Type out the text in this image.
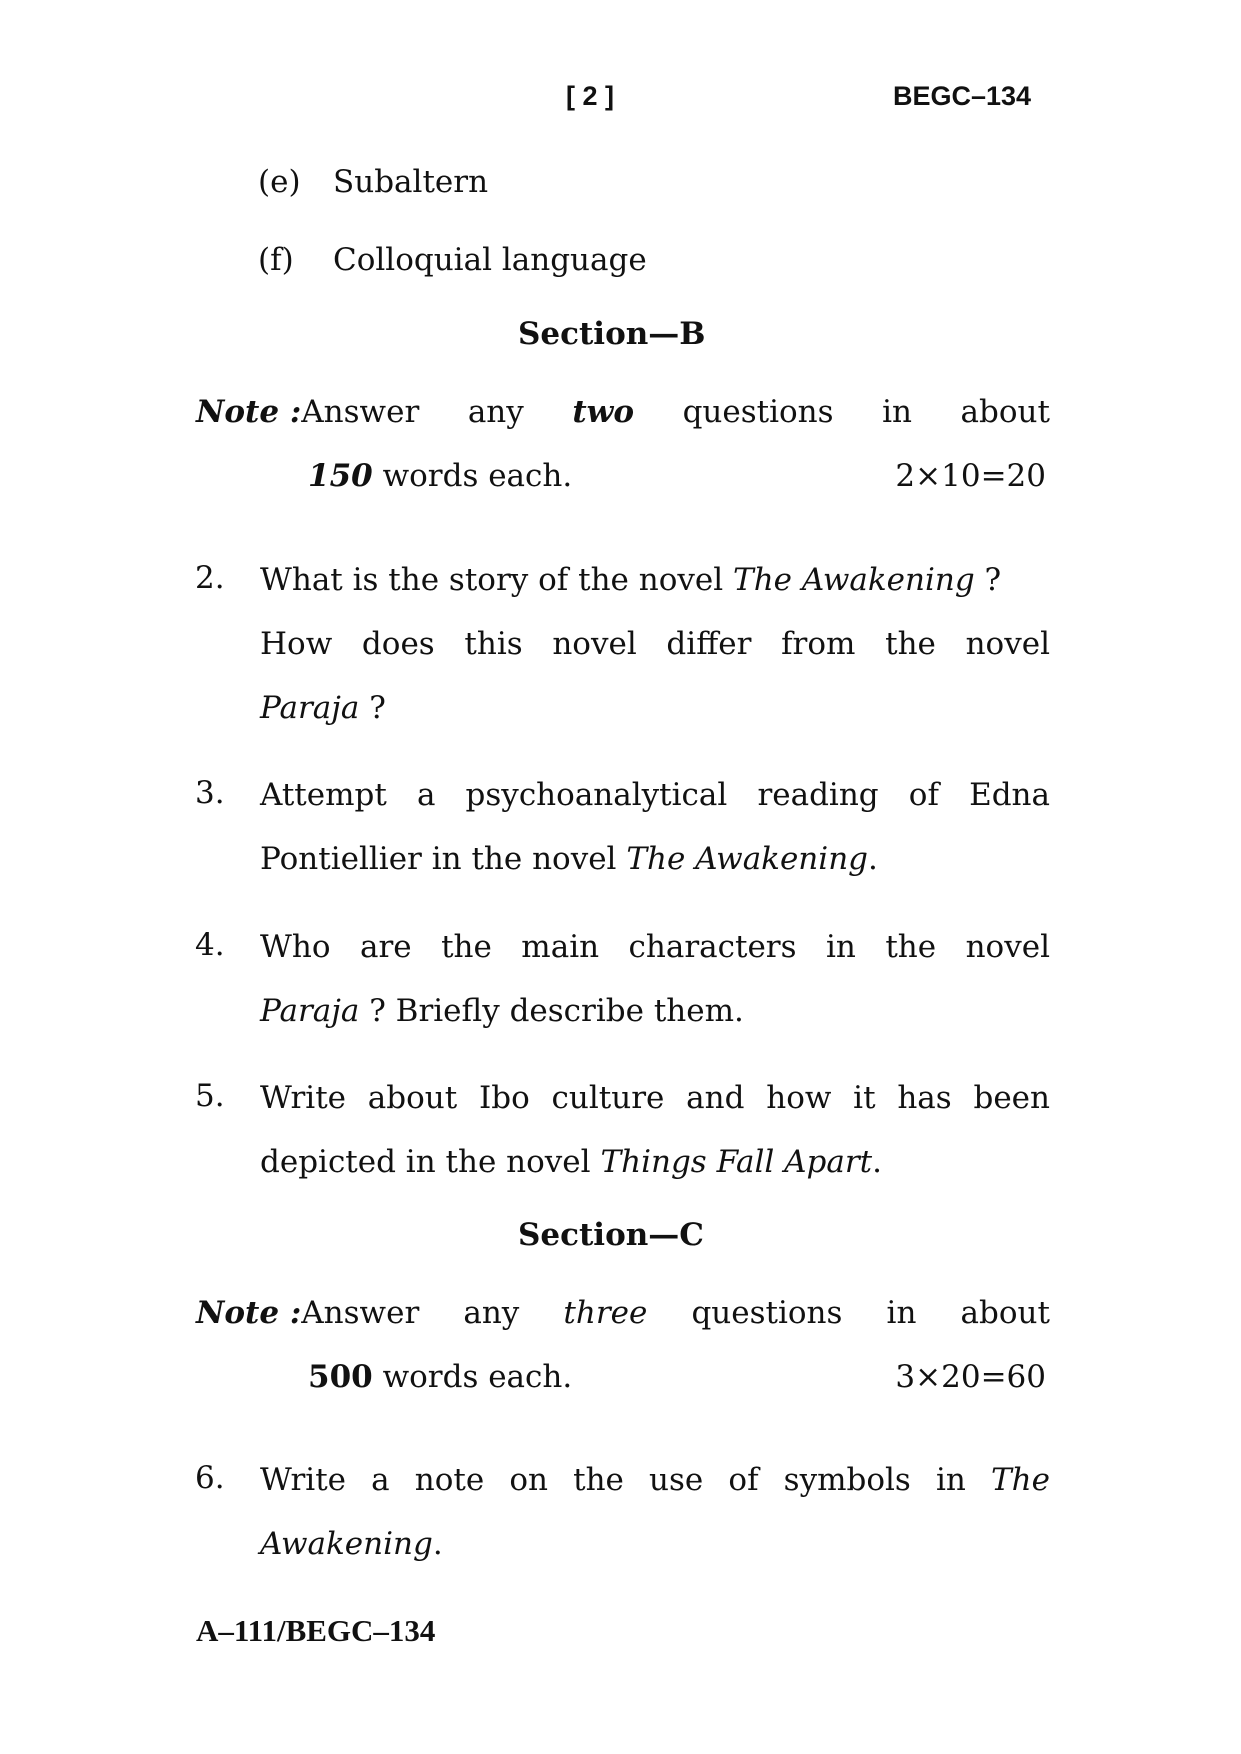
[ 2 ]	BEGC–134
(e) Subaltern
(f) Colloquial language
Section—B
Note :Answer any two questions in about
150 words each.	2×10=20
2. What is the story of the novel The Awakening ?
How does this novel differ from the novel
Paraja ?
3. Attempt a psychoanalytical reading of Edna
Pontiellier in the novel The Awakening.
4. Who are the main characters in the novel
Paraja ? Briefly describe them.
5. Write about Ibo culture and how it has been
depicted in the novel Things Fall Apart.
Section—C
Note :Answer any three questions in about
500 words each.	3×20=60
6. Write a note on the use of symbols in The
Awakening.
A–111/BEGC–134
